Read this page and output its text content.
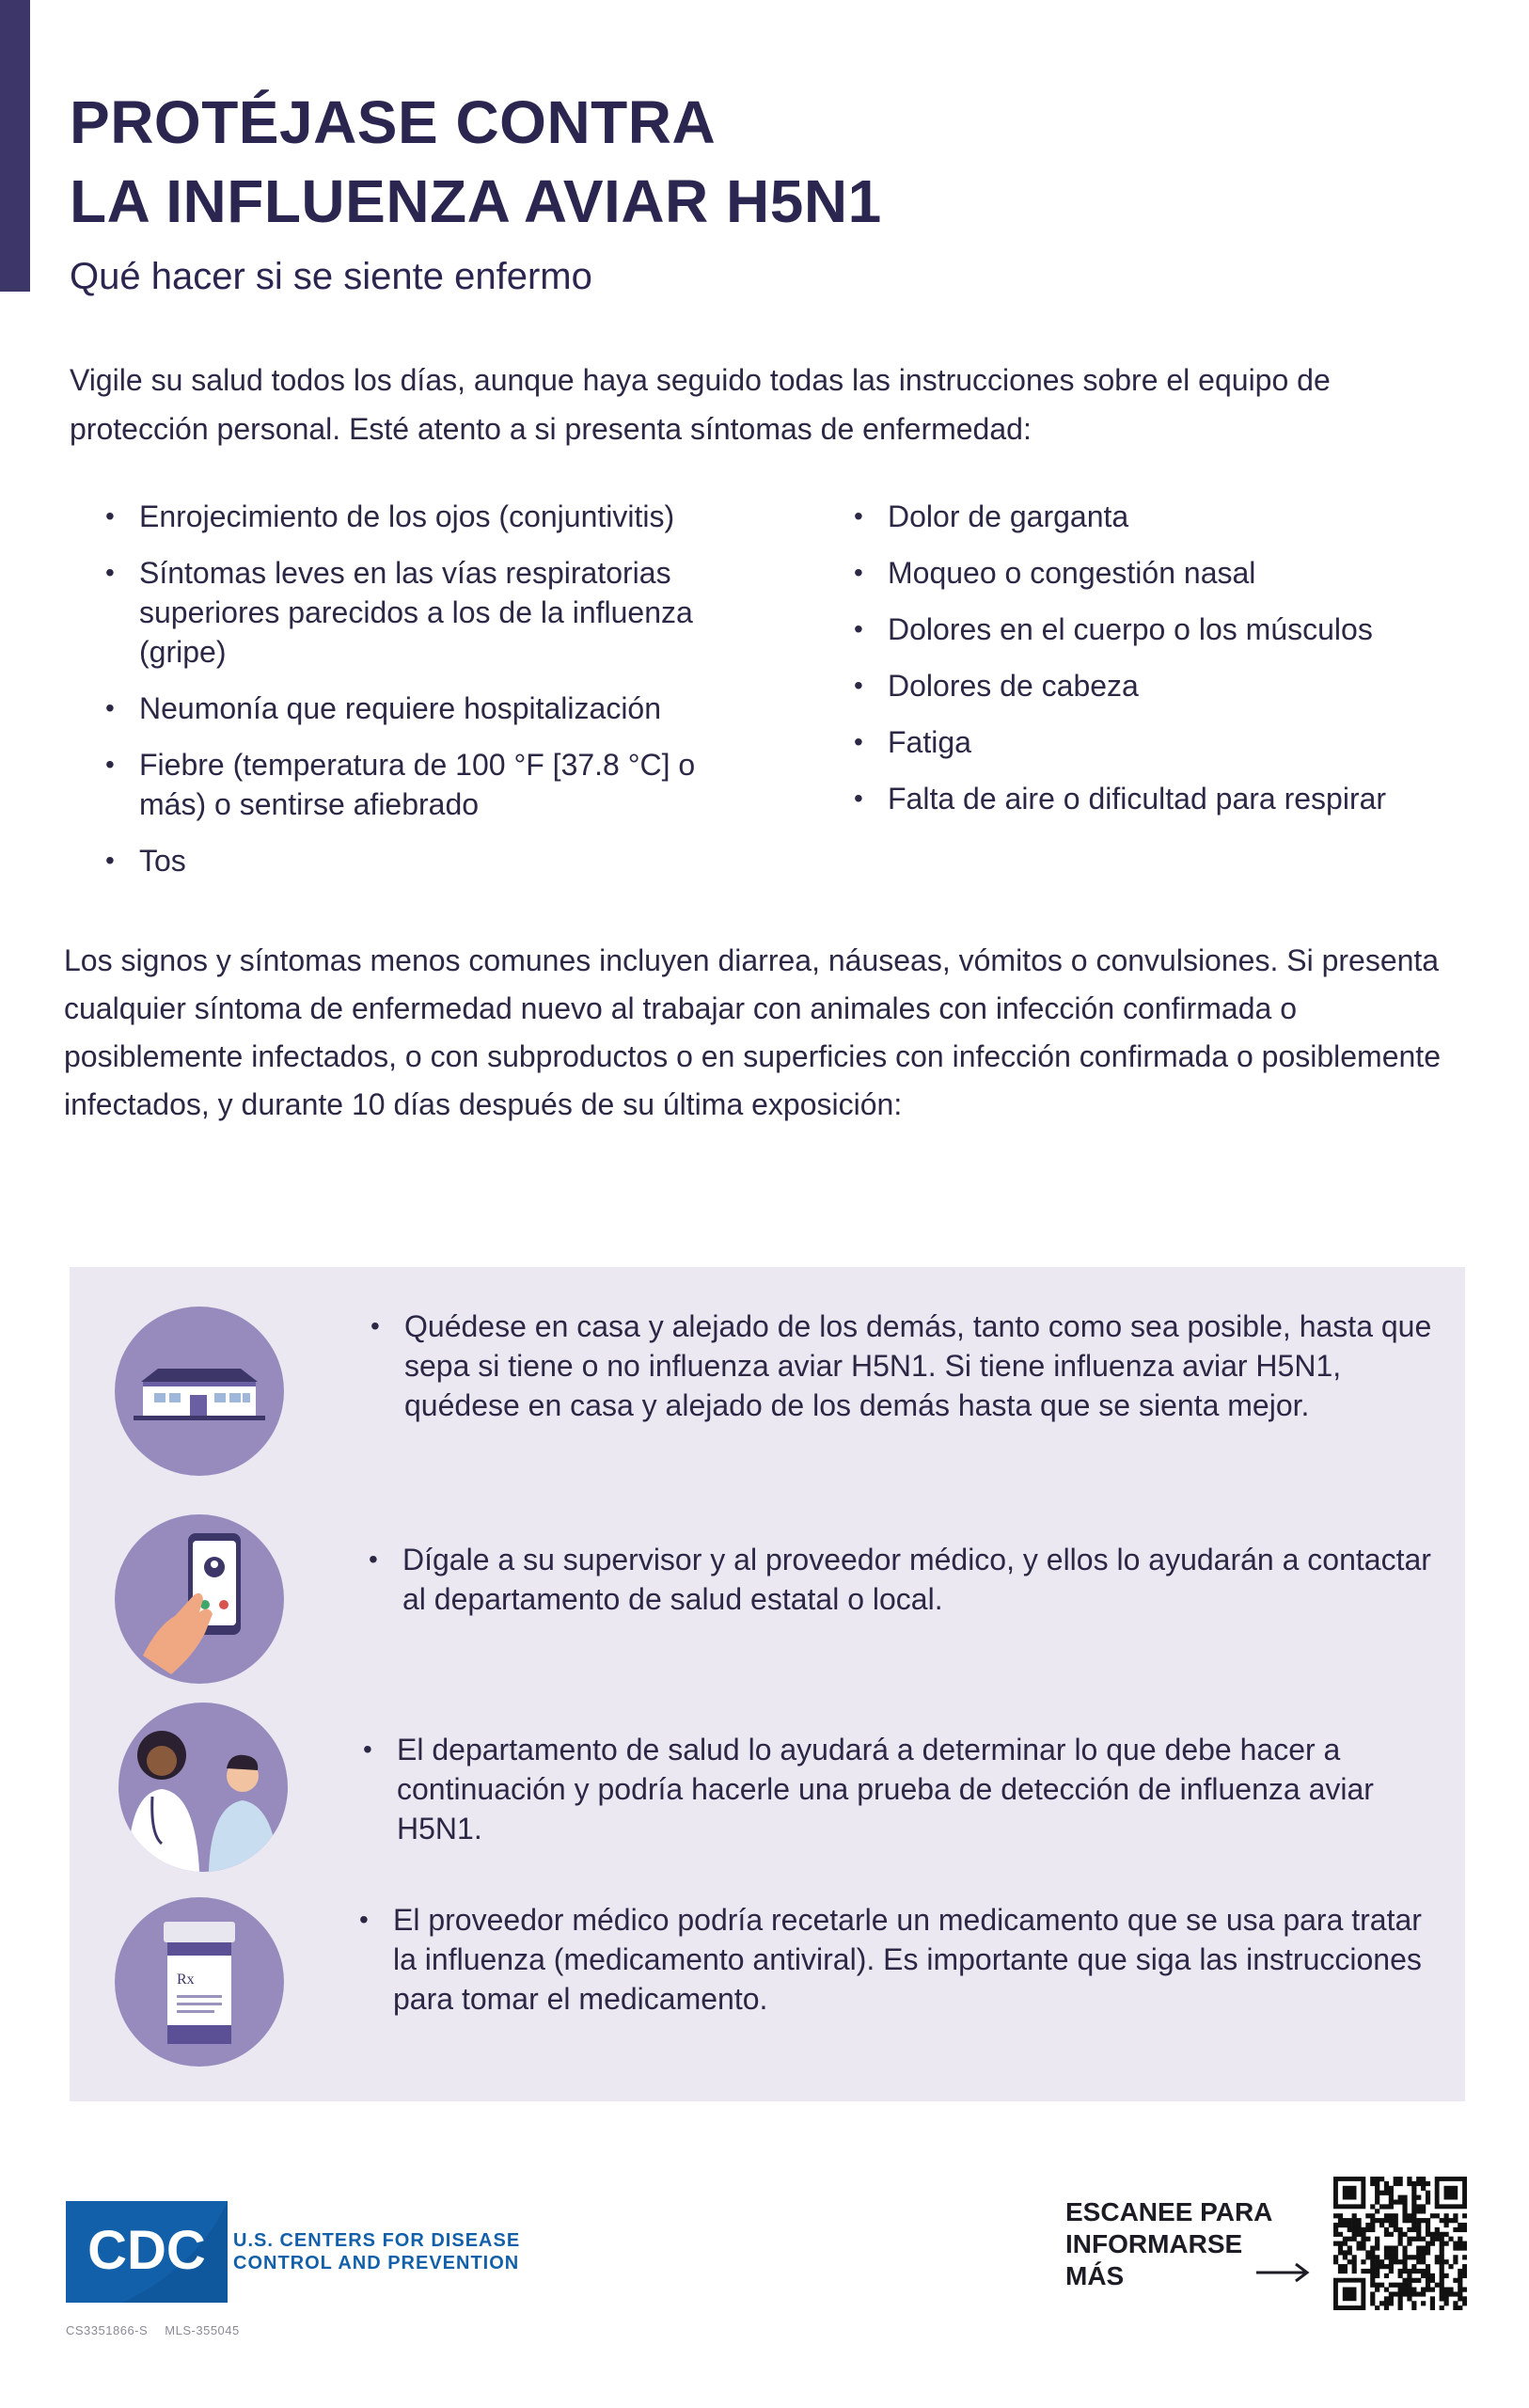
PROTÉJASE CONTRA
LA INFLUENZA AVIAR H5N1
Qué hacer si se siente enfermo

Vigile su salud todos los días, aunque haya seguido todas las instrucciones sobre el equipo de protección personal. Esté atento a si presenta síntomas de enfermedad:

• Enrojecimiento de los ojos (conjuntivitis)
• Síntomas leves en las vías respiratorias superiores parecidos a los de la influenza (gripe)
• Neumonía que requiere hospitalización
• Fiebre (temperatura de 100 °F [37.8 °C] o más) o sentirse afiebrado
• Tos
• Dolor de garganta
• Moqueo o congestión nasal
• Dolores en el cuerpo o los músculos
• Dolores de cabeza
• Fatiga
• Falta de aire o dificultad para respirar

Los signos y síntomas menos comunes incluyen diarrea, náuseas, vómitos o convulsiones. Si presenta cualquier síntoma de enfermedad nuevo al trabajar con animales con infección confirmada o posiblemente infectados, o con subproductos o en superficies con infección confirmada o posiblemente infectados, y durante 10 días después de su última exposición:

• Quédese en casa y alejado de los demás, tanto como sea posible, hasta que sepa si tiene o no influenza aviar H5N1. Si tiene influenza aviar H5N1, quédese en casa y alejado de los demás hasta que se sienta mejor.
• Dígale a su supervisor y al proveedor médico, y ellos lo ayudarán a contactar al departamento de salud estatal o local.
• El departamento de salud lo ayudará a determinar lo que debe hacer a continuación y podría hacerle una prueba de detección de influenza aviar H5N1.
Rx
• El proveedor médico podría recetarle un medicamento que se usa para tratar la influenza (medicamento antiviral). Es importante que siga las instrucciones para tomar el medicamento.
CDC U.S. CENTERS FOR DISEASE
CONTROL AND PREVENTION
CS3351866-S MLS-355045
ESCANEE PARA
INFORMARSE
MÁS
